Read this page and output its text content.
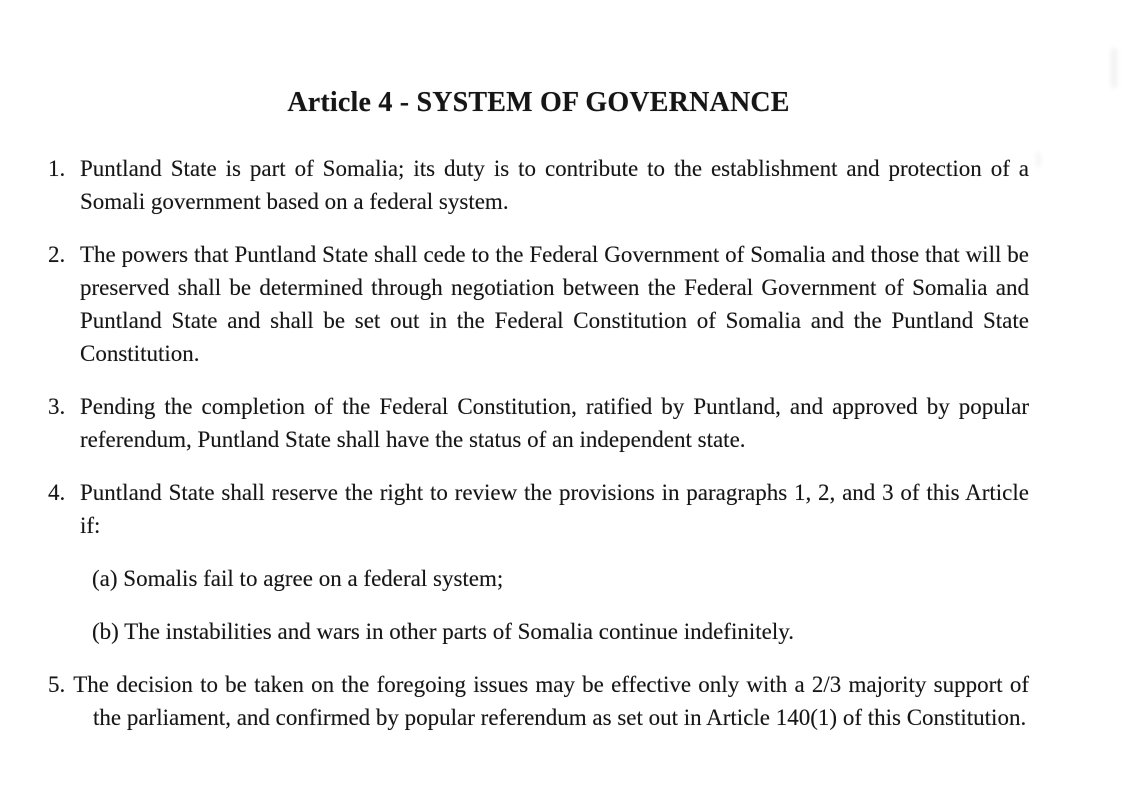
Article 4 - SYSTEM OF GOVERNANCE
1. Puntland State is part of Somalia; its duty is to contribute to the establishment and protection of a Somali government based on a federal system.

2. The powers that Puntland State shall cede to the Federal Government of Somalia and those that will be preserved shall be determined through negotiation between the Federal Government of Somalia and Puntland State and shall be set out in the Federal Constitution of Somalia and the Puntland State Constitution.

3. Pending the completion of the Federal Constitution, ratified by Puntland, and approved by popular referendum, Puntland State shall have the status of an independent state.

4. Puntland State shall reserve the right to review the provisions in paragraphs 1, 2, and 3 of this Article if:

(a) Somalis fail to agree on a federal system;
(b) The instabilities and wars in other parts of Somalia continue indefinitely.

5. The decision to be taken on the foregoing issues may be effective only with a 2/3 majority support of the parliament, and confirmed by popular referendum as set out in Article 140(1) of this Constitution.
